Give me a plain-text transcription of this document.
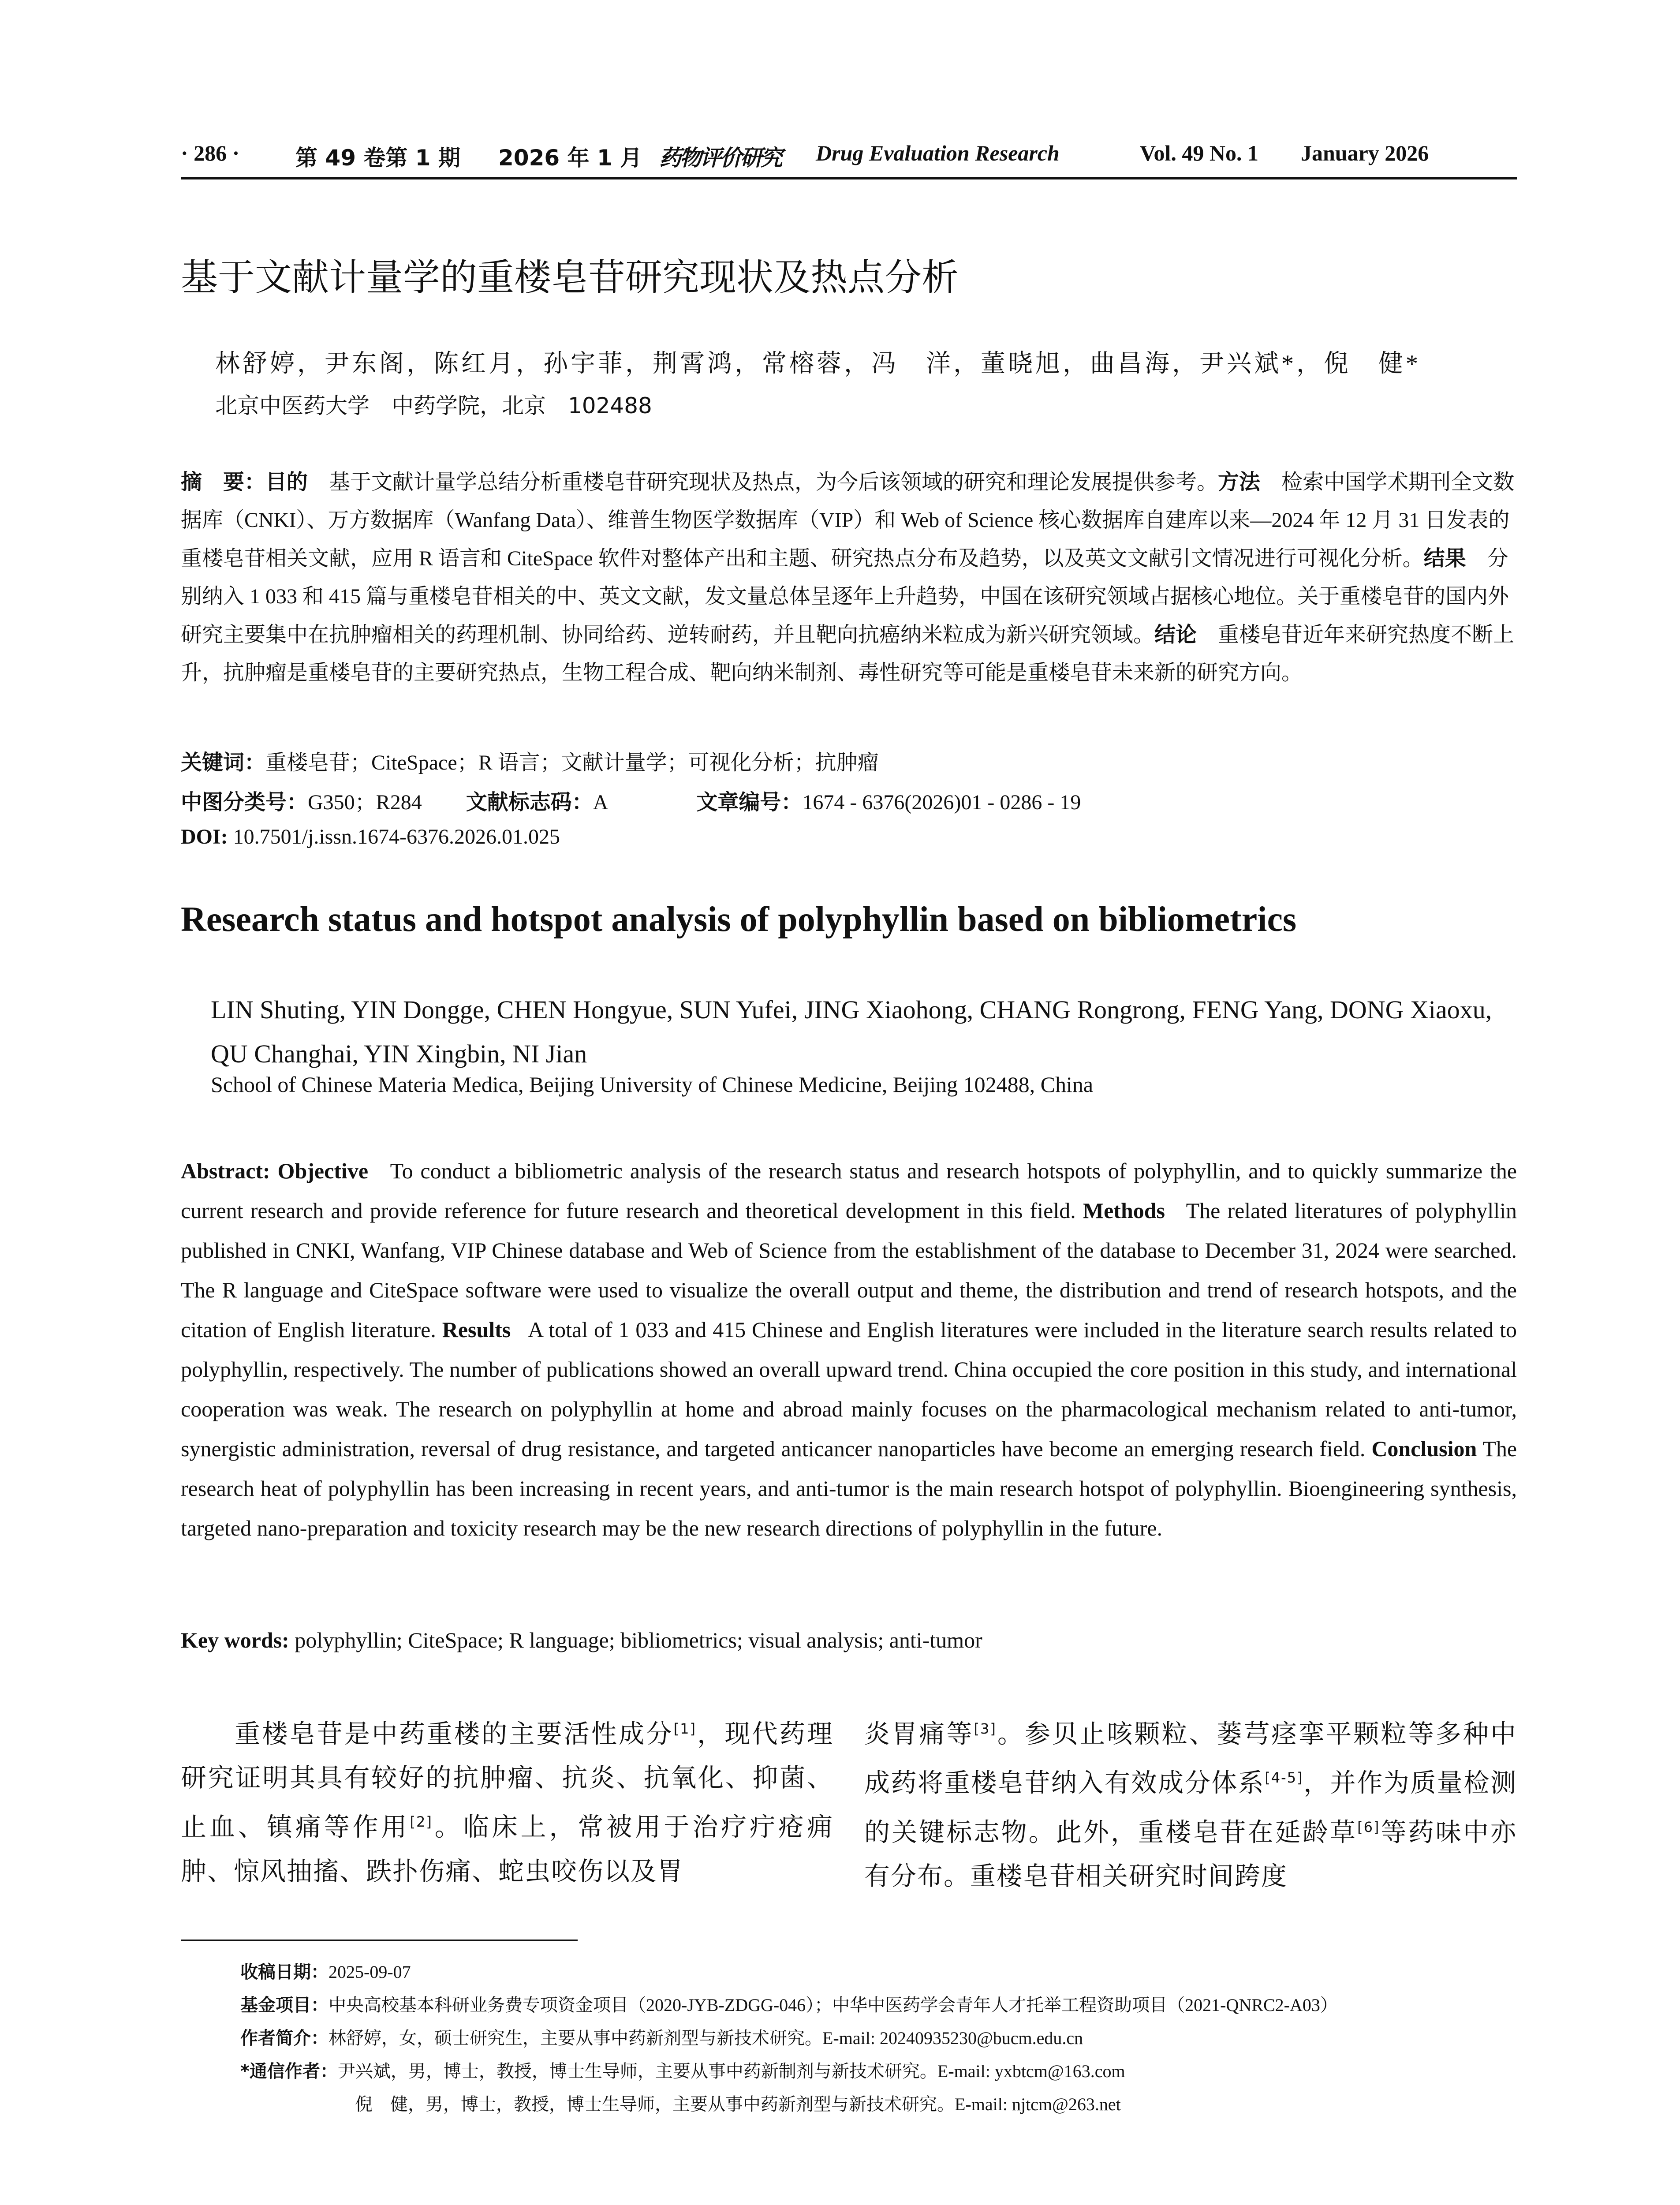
· 286 ·	第 49 卷第 1 期 2026 年 1 月 药物评价研究 Drug Evaluation Research	Vol. 49 No. 1 January 2026
基于文献计量学的重楼皂苷研究现状及热点分析
林舒婷，尹东阁，陈红月，孙宇菲，荆霄鸿，常榕蓉，冯　洋，董晓旭，曲昌海，尹兴斌*，倪　健*
北京中医药大学　中药学院，北京　102488
摘　要：目的　基于文献计量学总结分析重楼皂苷研究现状及热点，为今后该领域的研究和理论发展提供参考。方法　检索中国学术期刊全文数据库（CNKI）、万方数据库（Wanfang Data）、维普生物医学数据库（VIP）和 Web of Science 核心数据库自建库以来—2024 年 12 月 31 日发表的重楼皂苷相关文献，应用 R 语言和 CiteSpace 软件对整体产出和主题、研究热点分布及趋势，以及英文文献引文情况进行可视化分析。结果　分别纳入 1 033 和 415 篇与重楼皂苷相关的中、英文文献，发文量总体呈逐年上升趋势，中国在该研究领域占据核心地位。关于重楼皂苷的国内外研究主要集中在抗肿瘤相关的药理机制、协同给药、逆转耐药，并且靶向抗癌纳米粒成为新兴研究领域。结论　重楼皂苷近年来研究热度不断上升，抗肿瘤是重楼皂苷的主要研究热点，生物工程合成、靶向纳米制剂、毒性研究等可能是重楼皂苷未来新的研究方向。
关键词：重楼皂苷；CiteSpace；R 语言；文献计量学；可视化分析；抗肿瘤
中图分类号：G350；R284 文献标志码：A	文章编号：1674 - 6376(2026)01 - 0286 - 19
DOI: 10.7501/j.issn.1674-6376.2026.01.025
Research status and hotspot analysis of polyphyllin based on bibliometrics
LIN Shuting, YIN Dongge, CHEN Hongyue, SUN Yufei, JING Xiaohong, CHANG Rongrong, FENG Yang, DONG Xiaoxu, QU Changhai, YIN Xingbin, NI Jian
School of Chinese Materia Medica, Beijing University of Chinese Medicine, Beijing 102488, China
Abstract: Objective To conduct a bibliometric analysis of the research status and research hotspots of polyphyllin, and to quickly summarize the current research and provide reference for future research and theoretical development in this field. Methods The related literatures of polyphyllin published in CNKI, Wanfang, VIP Chinese database and Web of Science from the establishment of the database to December 31, 2024 were searched. The R language and CiteSpace software were used to visualize the overall output and theme, the distribution and trend of research hotspots, and the citation of English literature. Results A total of 1 033 and 415 Chinese and English literatures were included in the literature search results related to polyphyllin, respectively. The number of publications showed an overall upward trend. China occupied the core position in this study, and international cooperation was weak. The research on polyphyllin at home and abroad mainly focuses on the pharmacological mechanism related to anti-tumor, synergistic administration, reversal of drug resistance, and targeted anticancer nanoparticles have become an emerging research field. Conclusion The research heat of polyphyllin has been increasing in recent years, and anti-tumor is the main research hotspot of polyphyllin. Bioengineering synthesis, targeted nano-preparation and toxicity research may be the new research directions of polyphyllin in the future.
Key words: polyphyllin; CiteSpace; R language; bibliometrics; visual analysis; anti-tumor
重楼皂苷是中药重楼的主要活性成分[1]，现代药理研究证明其具有较好的抗肿瘤、抗炎、抗氧化、抑菌、止血、镇痛等作用[2]。临床上，常被用于治疗疔疮痈肿、惊风抽搐、跌扑伤痛、蛇虫咬伤以及胃
炎胃痛等[3]。参贝止咳颗粒、蒌芎痉挛平颗粒等多种中成药将重楼皂苷纳入有效成分体系[4-5]，并作为质量检测的关键标志物。此外，重楼皂苷在延龄草[6]等药味中亦有分布。重楼皂苷相关研究时间跨度
收稿日期：2025-09-07
基金项目：中央高校基本科研业务费专项资金项目（2020-JYB-ZDGG-046）；中华中医药学会青年人才托举工程资助项目（2021-QNRC2-A03）
作者简介：林舒婷，女，硕士研究生，主要从事中药新剂型与新技术研究。E-mail: 20240935230@bucm.edu.cn
*通信作者：尹兴斌，男，博士，教授，博士生导师，主要从事中药新制剂与新技术研究。E-mail: yxbtcm@163.com
倪　健，男，博士，教授，博士生导师，主要从事中药新剂型与新技术研究。E-mail: njtcm@263.net
